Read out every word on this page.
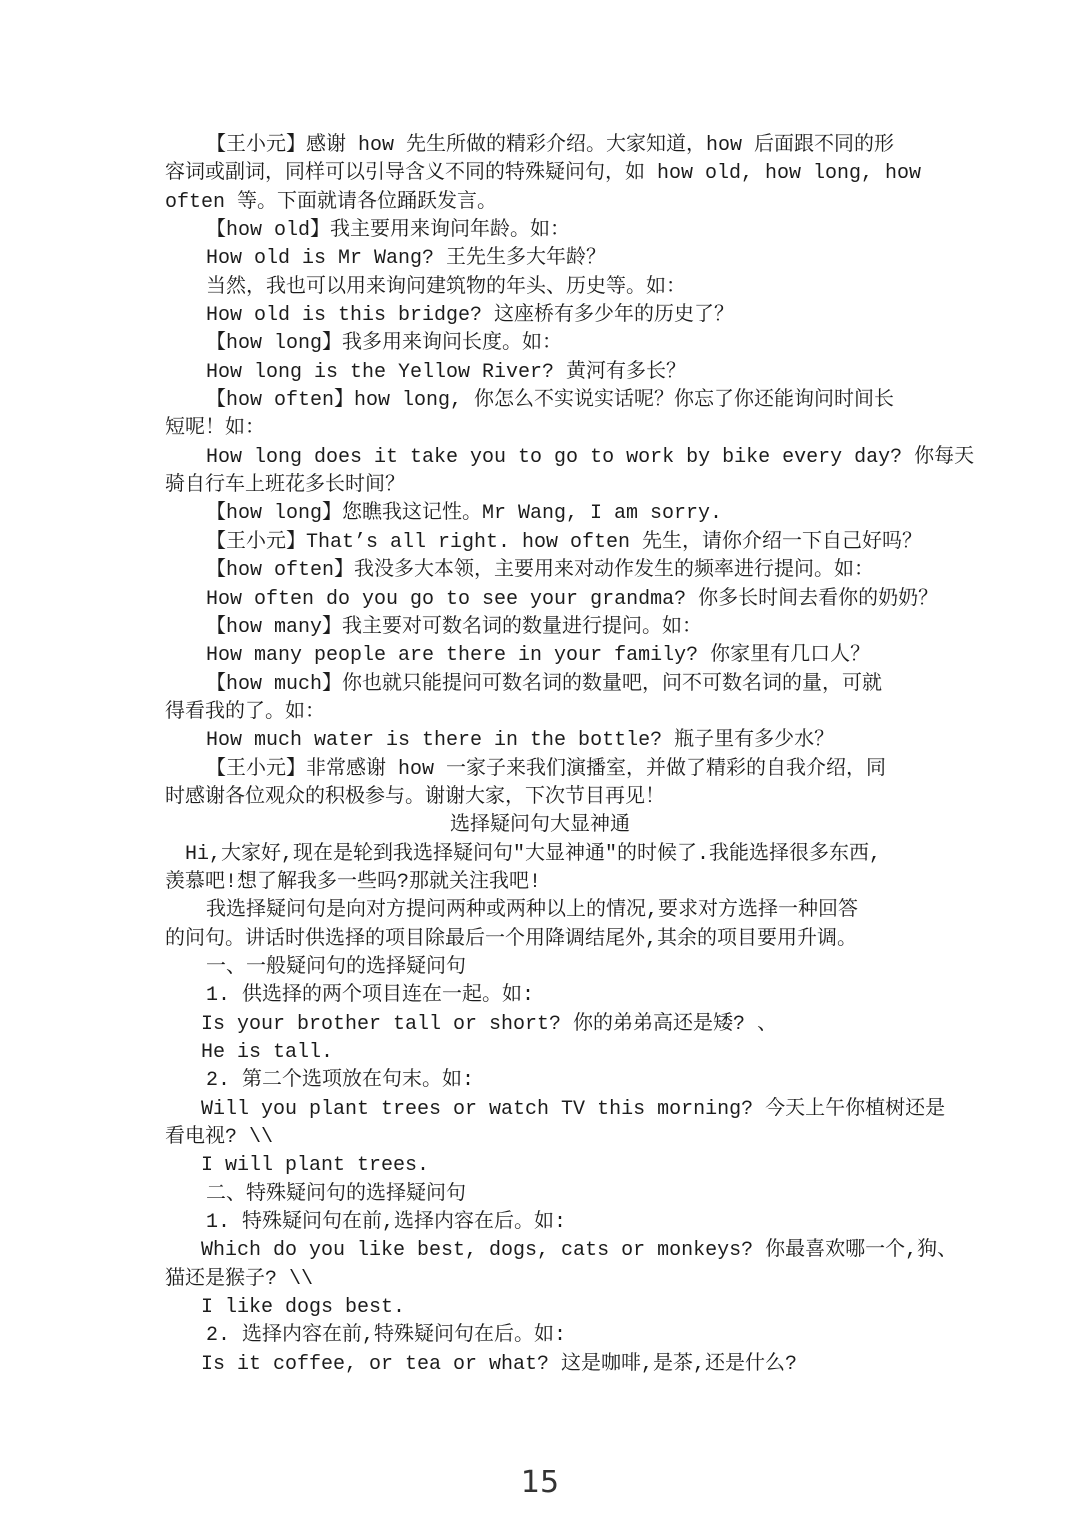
【王小元】感谢 how 先生所做的精彩介绍。大家知道，how 后面跟不同的形
容词或副词，同样可以引导含义不同的特殊疑问句，如 how old, how long, how
often 等。下面就请各位踊跃发言。
【how old】我主要用来询问年龄。如：
How old is Mr Wang? 王先生多大年龄？
当然，我也可以用来询问建筑物的年头、历史等。如：
How old is this bridge? 这座桥有多少年的历史了？
【how long】我多用来询问长度。如：
How long is the Yellow River? 黄河有多长？
【how often】how long, 你怎么不实说实话呢？你忘了你还能询问时间长
短呢！如：
How long does it take you to go to work by bike every day? 你每天
骑自行车上班花多长时间？
【how long】您瞧我这记性。Mr Wang, I am sorry.
【王小元】That’s all right. how often 先生，请你介绍一下自己好吗？
【how often】我没多大本领，主要用来对动作发生的频率进行提问。如：
How often do you go to see your grandma? 你多长时间去看你的奶奶？
【how many】我主要对可数名词的数量进行提问。如：
How many people are there in your family? 你家里有几口人？
【how much】你也就只能提问可数名词的数量吧，问不可数名词的量，可就
得看我的了。如：
How much water is there in the bottle? 瓶子里有多少水？
【王小元】非常感谢 how 一家子来我们演播室，并做了精彩的自我介绍，同
时感谢各位观众的积极参与。谢谢大家，下次节目再见！
选择疑问句大显神通
Hi,大家好,现在是轮到我选择疑问句"大显神通"的时候了.我能选择很多东西,
羡慕吧!想了解我多一些吗?那就关注我吧!
我选择疑问句是向对方提问两种或两种以上的情况,要求对方选择一种回答
的问句。讲话时供选择的项目除最后一个用降调结尾外,其余的项目要用升调。
一、一般疑问句的选择疑问句
1. 供选择的两个项目连在一起。如:
Is your brother tall or short? 你的弟弟高还是矮? 、
He is tall.
2. 第二个选项放在句末。如:
Will you plant trees or watch TV this morning? 今天上午你植树还是
看电视? \\
I will plant trees.
二、特殊疑问句的选择疑问句
1. 特殊疑问句在前,选择内容在后。如:
Which do you like best, dogs, cats or monkeys? 你最喜欢哪一个,狗、
猫还是猴子? \\
I like dogs best.
2. 选择内容在前,特殊疑问句在后。如:
Is it coffee, or tea or what? 这是咖啡,是茶,还是什么?
15
